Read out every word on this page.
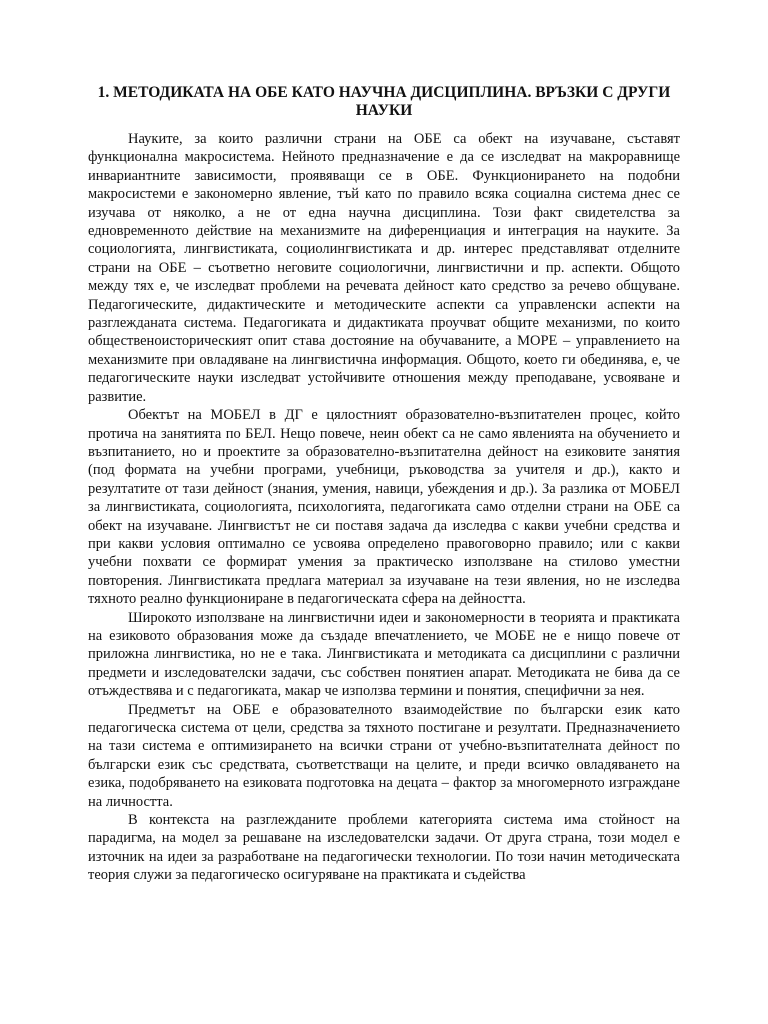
1. МЕТОДИКАТА НА ОБЕ КАТО НАУЧНА ДИСЦИПЛИНА. ВРЪЗКИ С ДРУГИ НАУКИ

Науките, за които различни страни на ОБЕ са обект на изучаване, съставят функционална макросистема. Нейното предназначение е да се изследват на макроравнище инвариантните зависимости, проявяващи се в ОБЕ. Функционирането на подобни макросистеми е закономерно явление, тъй като по правило всяка социална система днес се изучава от няколко, а не от една научна дисциплина. Този факт свидетелства за едновременното действие на механизмите на диференциация и интеграция на науките. За социологията, лингвистиката, социолингвистиката и др. интерес представляват отделните страни на ОБЕ – съответно неговите социологични, лингвистични и пр. аспекти. Общото между тях е, че изследват проблеми на речевата дейност като средство за речево общуване. Педагогическите, дидактическите и методическите аспекти са управленски аспекти на разглежданата система. Педагогиката и дидактиката проучват общите механизми, по които общественоисторическият опит става достояние на обучаваните, а МОРЕ – управлението на механизмите при овладяване на лингвистична информация. Общото, което ги обединява, е, че педагогическите науки изследват устойчивите отношения между преподаване, усвояване и развитие.

Обектът на МОБЕЛ в ДГ е цялостният образователно-възпитателен процес, който протича на занятията по БЕЛ. Нещо повече, неин обект са не само явленията на обучението и възпитанието, но и проектите за образователно-възпитателна дейност на езиковите занятия (под формата на учебни програми, учебници, ръководства за учителя и др.), както и резултатите от тази дейност (знания, умения, навици, убеждения и др.). За разлика от МОБЕЛ за лингвистиката, социологията, психологията, педагогиката само отделни страни на ОБЕ са обект на изучаване. Лингвистът не си поставя задача да изследва с какви учебни средства и при какви условия оптимално се усвоява определено правоговорно правило; или с какви учебни похвати се формират умения за практическо използване на стилово уместни повторения. Лингвистиката предлага материал за изучаване на тези явления, но не изследва тяхното реално функциониране в педагогическата сфера на дейността.

Широкото използване на лингвистични идеи и закономерности в теорията и практиката на езиковото образования може да създаде впечатлението, че МОБЕ не е нищо повече от приложна лингвистика, но не е така. Лингвистиката и методиката са дисциплини с различни предмети и изследователски задачи, със собствен понятиен апарат. Методиката не бива да се отъждествява и с педагогиката, макар че използва термини и понятия, специфични за нея.

Предметът на ОБЕ е образователното взаимодействие по български език като педагогическа система от цели, средства за тяхното постигане и резултати. Предназначението на тази система е оптимизирането на всички страни от учебно-възпитателната дейност по български език със средствата, съответстващи на целите, и преди всичко овладяването на езика, подобряването на езиковата подготовка на децата – фактор за многомерното изграждане на личността.

В контекста на разглежданите проблеми категорията система има стойност на парадигма, на модел за решаване на изследователски задачи. От друга страна, този модел е източник на идеи за разработване на педагогически технологии. По този начин методическата теория служи за педагогическо осигуряване на практиката и съдейства
